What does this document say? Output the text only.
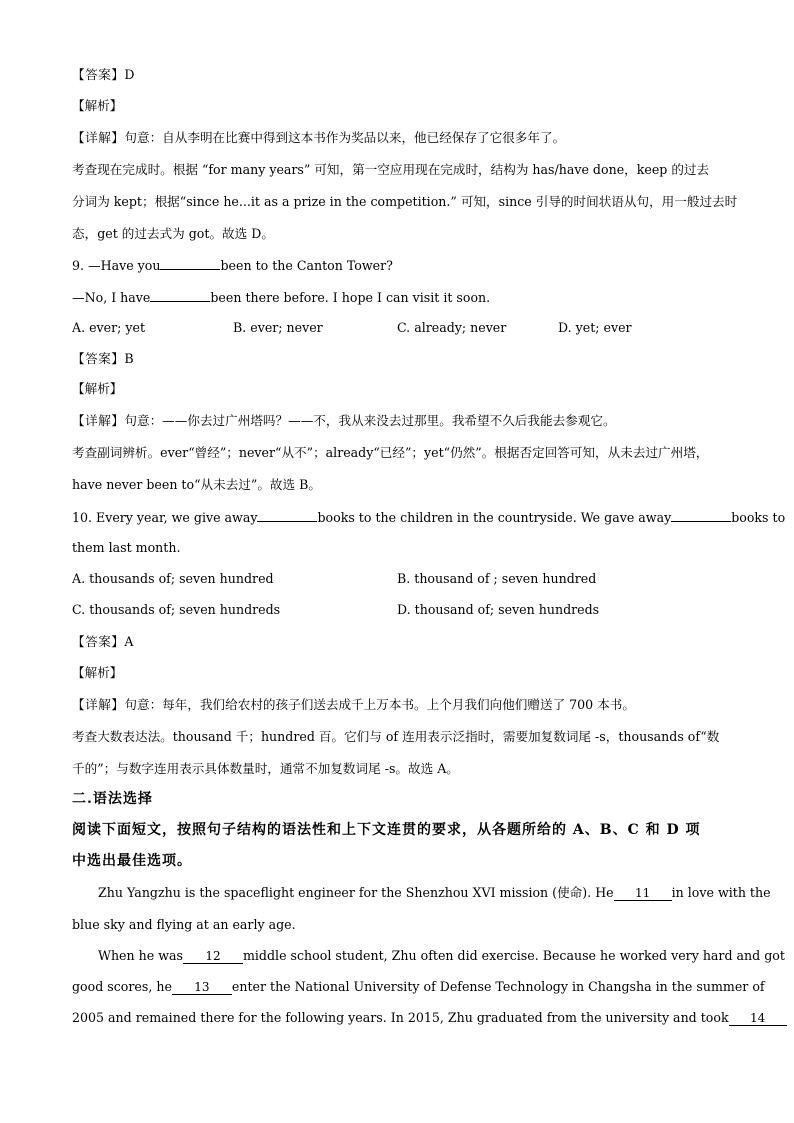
【答案】D
【解析】
【详解】句意：自从李明在比赛中得到这本书作为奖品以来，他已经保存了它很多年了。
考查现在完成时。根据 “for many years” 可知，第一空应用现在完成时，结构为 has/have done，keep 的过去
分词为 kept；根据“since he...it as a prize in the competition.” 可知，since 引导的时间状语从句，用一般过去时
态，get 的过去式为 got。故选 D。
9. —Have you	been to the Canton Tower?
—No, I have	been there before. I hope I can visit it soon.
A. ever; yet	B. ever; never	C. already; never	D. yet; ever
【答案】B
【解析】
【详解】句意：——你去过广州塔吗？——不，我从来没去过那里。我希望不久后我能去参观它。
考查副词辨析。ever“曾经”；never“从不”；already“已经”；yet“仍然”。根据否定回答可知，从未去过广州塔，
have never been to“从未去过”。故选 B。
10. Every year, we give away	books to the children in the countryside. We gave away	books to
them last month.
A. thousands of; seven hundred	B. thousand of ; seven hundred
C. thousands of; seven hundreds	D. thousand of; seven hundreds
【答案】A
【解析】
【详解】句意：每年，我们给农村的孩子们送去成千上万本书。上个月我们向他们赠送了 700 本书。
考查大数表达法。thousand 千；hundred 百。它们与 of 连用表示泛指时，需要加复数词尾 -s，thousands of“数
千的”；与数字连用表示具体数量时，通常不加复数词尾 -s。故选 A。
二.语法选择
阅读下面短文，按照句子结构的语法性和上下文连贯的要求，从各题所给的 A、B、C 和 D 项
中选出最佳选项。
Zhu Yangzhu is the spaceflight engineer for the Shenzhou XVI mission (使命). He 11 in love with the
blue sky and flying at an early age.
When he was 12 middle school student, Zhu often did exercise. Because he worked very hard and got
good scores, he 13 enter the National University of Defense Technology in Changsha in the summer of
2005 and remained there for the following years. In 2015, Zhu graduated from the university and took 14
